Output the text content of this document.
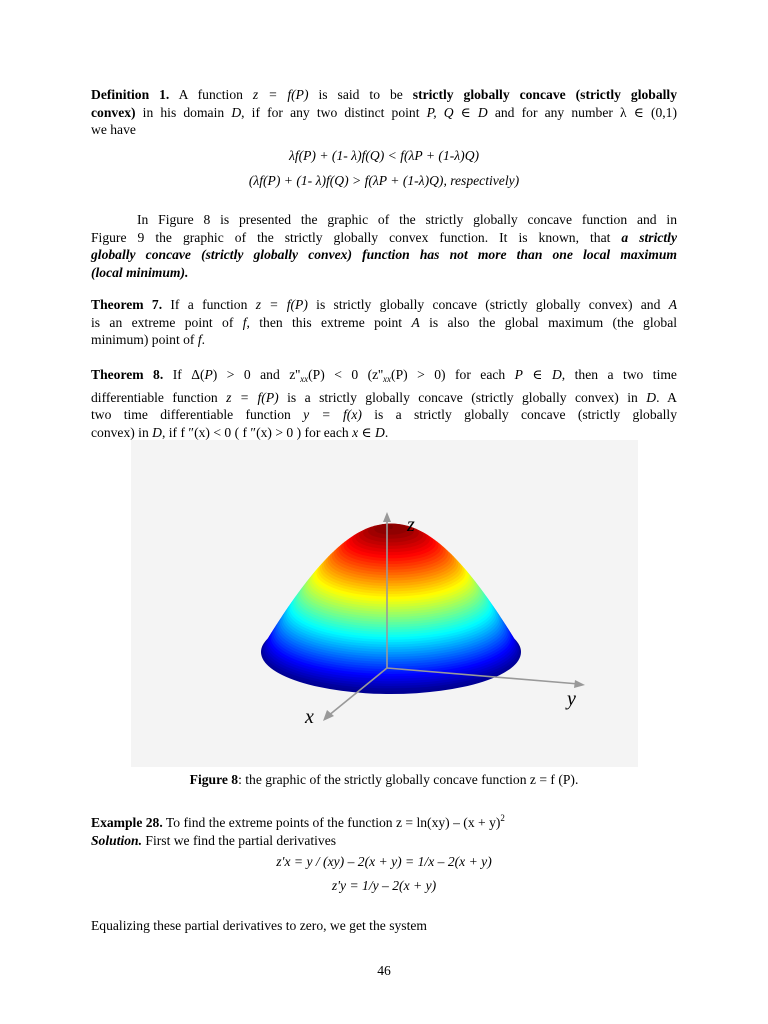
Definition 1. A function z = f(P) is said to be strictly globally concave (strictly globally
convex) in his domain D, if for any two distinct point P, Q ∈ D and for any number λ ∈ (0,1)
we have
λf(P) + (1- λ)f(Q) < f(λP + (1-λ)Q)
(λf(P) + (1- λ)f(Q) > f(λP + (1-λ)Q), respectively)
In Figure 8 is presented the graphic of the strictly globally concave function and in
Figure 9 the graphic of the strictly globally convex function. It is known, that a strictly
globally concave (strictly globally convex) function has not more than one local maximum
(local minimum).
Theorem 7. If a function z = f(P) is strictly globally concave (strictly globally convex) and A
is an extreme point of f, then this extreme point A is also the global maximum (the global
minimum) point of f.
Theorem 8. If Δ(P) > 0 and $z''_{xx}(P) < 0$ $(z''_{xx}(P) > 0)$ for each P ∈ D, then a two time
differentiable function z = f(P) is a strictly globally concave (strictly globally convex) in D. A
two time differentiable function y = f(x) is a strictly globally concave (strictly globally
convex) in D, if f ″(x) < 0 ( f ″(x) > 0 ) for each x ∈ D.
z
y
x
Figure 8: the graphic of the strictly globally concave function z = f (P).
Example 28. To find the extreme points of the function $z = \ln(xy) - (x + y)^2$
Solution. First we find the partial derivatives
z'x = y / (xy) – 2(x + y) = 1/x – 2(x + y)
z'y = 1/y – 2(x + y)
Equalizing these partial derivatives to zero, we get the system
46
